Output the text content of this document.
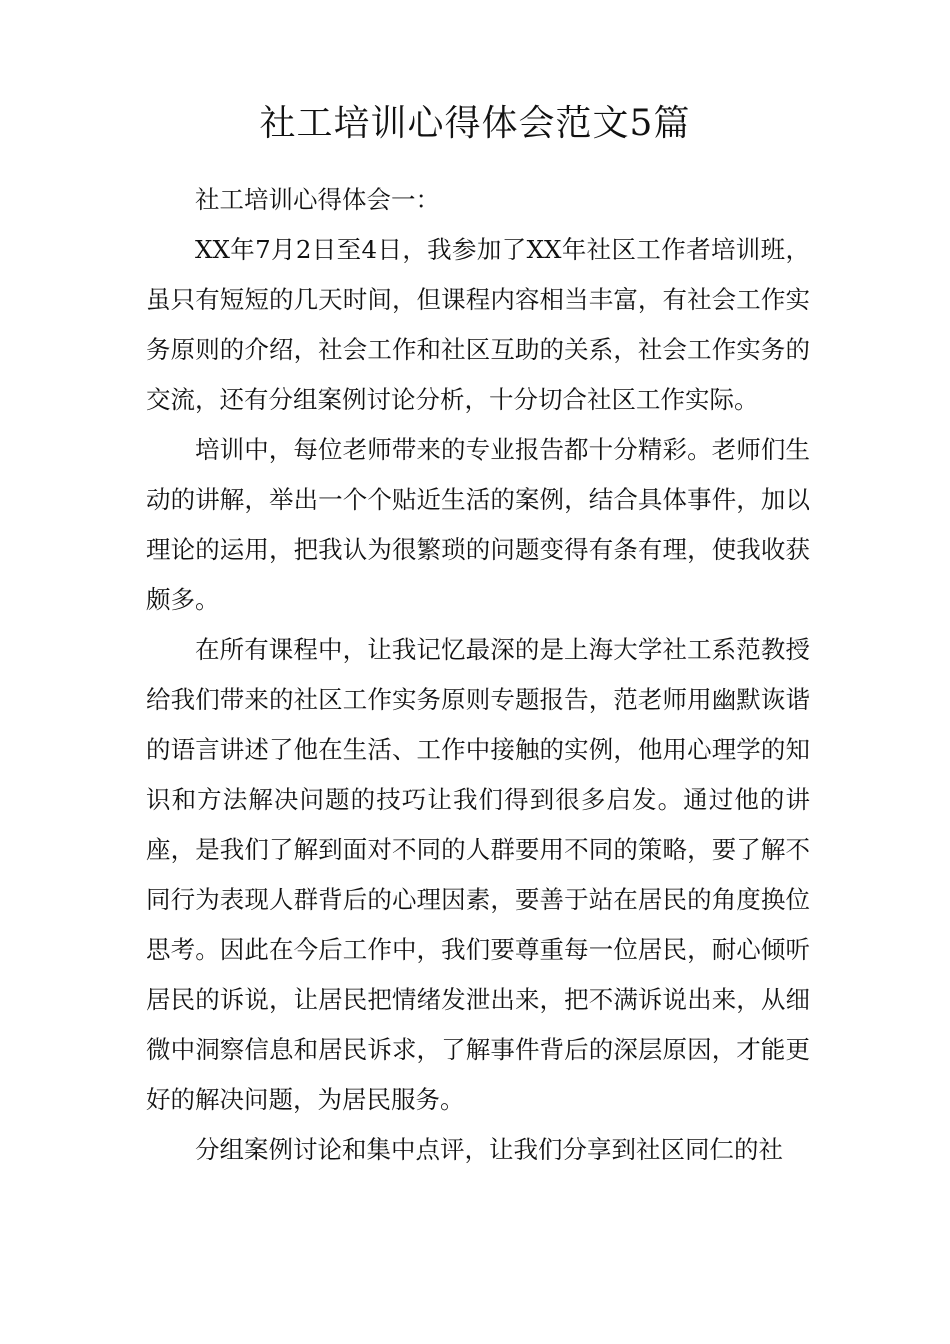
社工培训心得体会范文5篇

社工培训心得体会一：

XX年7月2日至4日，我参加了XX年社区工作者培训班，虽只有短短的几天时间，但课程内容相当丰富，有社会工作实务原则的介绍，社会工作和社区互助的关系，社会工作实务的交流，还有分组案例讨论分析，十分切合社区工作实际。

培训中，每位老师带来的专业报告都十分精彩。老师们生动的讲解，举出一个个贴近生活的案例，结合具体事件，加以理论的运用，把我认为很繁琐的问题变得有条有理，使我收获颇多。

在所有课程中，让我记忆最深的是上海大学社工系范教授给我们带来的社区工作实务原则专题报告，范老师用幽默诙谐的语言讲述了他在生活、工作中接触的实例，他用心理学的知识和方法解决问题的技巧让我们得到很多启发。通过他的讲座，是我们了解到面对不同的人群要用不同的策略，要了解不同行为表现人群背后的心理因素，要善于站在居民的角度换位思考。因此在今后工作中，我们要尊重每一位居民，耐心倾听居民的诉说，让居民把情绪发泄出来，把不满诉说出来，从细微中洞察信息和居民诉求，了解事件背后的深层原因，才能更好的解决问题，为居民服务。

分组案例讨论和集中点评，让我们分享到社区同仁的社
